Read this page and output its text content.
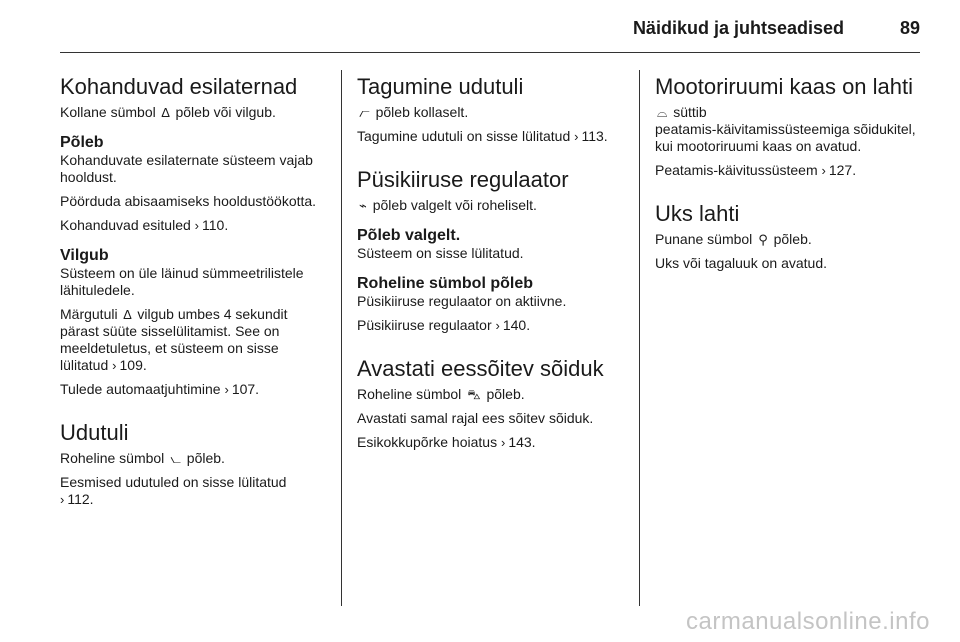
Näidikud ja juhtseadised	89
Kohanduvad esilaternad

Kollane sümbol ∆ põleb või vilgub.

Põleb

Kohanduvate esilaternate süsteem vajab hooldust.

Pöörduda abisaamiseks hooldustöökotta.

Kohanduvad esituled › 110.

Vilgub

Süsteem on üle läinud sümmeetrilistele lähituledele.

Märgutuli ∆ vilgub umbes 4 sekundit pärast süüte sisselülitamist. See on meeldetuletus, et süsteem on sisse lülitatud › 109.

Tulede automaatjuhtimine › 107.

Udutuli

Roheline sümbol ⦦ põleb.

Eesmised udutuled on sisse lülitatud › 112.

Tagumine udutuli

⦧ põleb kollaselt.

Tagumine udutuli on sisse lülitatud › 113.

Püsikiiruse regulaator

⌁ põleb valgelt või roheliselt.

Põleb valgelt.

Süsteem on sisse lülitatud.

Roheline sümbol põleb

Püsikiiruse regulaator on aktiivne.

Püsikiiruse regulaator › 140.

Avastati eessõitev sõiduk

Roheline sümbol ⛍ põleb.

Avastati samal rajal ees sõitev sõiduk.

Esikokkupõrke hoiatus › 143.

Mootoriruumi kaas on lahti

⌓ süttib

peatamis-käivitamissüsteemiga sõidukitel, kui mootoriruumi kaas on avatud.

Peatamis-käivitussüsteem › 127.

Uks lahti

Punane sümbol ⚲ põleb.

Uks või tagaluuk on avatud.

carmanualsonline.info
